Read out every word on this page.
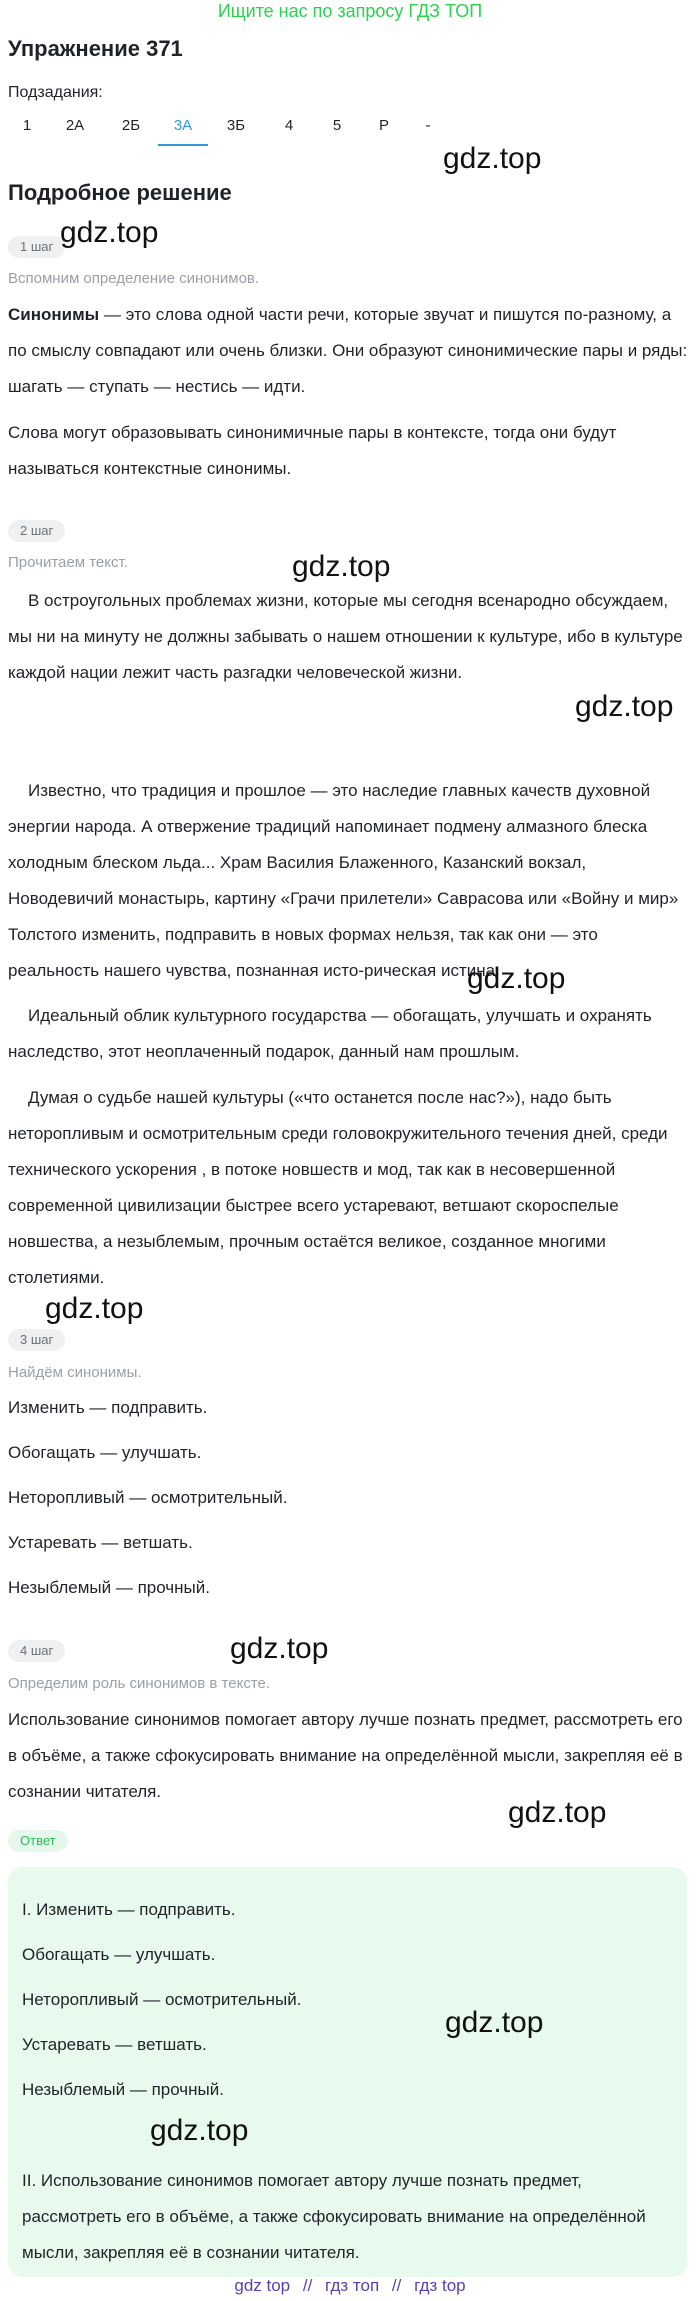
Ищите нас по запросу ГДЗ ТОП
Упражнение 371
Подзадания:
1	2А	2Б	3А	3Б	4	5	Р	-
gdz.top
Подробное решение
1 шаг gdz.top
Вспомним определение синонимов.

Синонимы — это слова одной части речи, которые звучат и пишутся по-разному, а по смыслу совпадают или очень близки. Они образуют синонимические пары и ряды: шагать — ступать — нестись — идти.

Слова могут образовывать синонимичные пары в контексте, тогда они будут называться контекстные синонимы.

2 шаг
Прочитаем текст.	gdz.top

В остроугольных проблемах жизни, которые мы сегодня всенародно обсуждаем, мы ни на минуту не должны забывать о нашем отношении к культуре, ибо в культуре каждой нации лежит часть разгадки человеческой жизни.

gdz.top

Известно, что традиция и прошлое — это наследие главных качеств духовной энергии народа. А отвержение традиций напоминает подмену алмазного блеска холодным блеском льда... Храм Василия Блаженного, Казанский вокзал, Новодевичий монастырь, картину «Грачи прилетели» Саврасова или «Войну и мир» Толстого изменить, подправить в новых формах нельзя, так как они — это реальность нашего чувства, познанная исто-рическая истина.

gdz.top

Идеальный облик культурного государства — обогащать, улучшать и охранять наследство, этот неоплаченный подарок, данный нам прошлым.

Думая о судьбе нашей культуры («что останется после нас?»), надо быть неторопливым и осмотрительным среди головокружительного течения дней, среди технического ускорения , в потоке новшеств и мод, так как в несовершенной современной цивилизации быстрее всего устаревают, ветшают скороспелые новшества, а незыблемым, прочным остаётся великое, созданное многими столетиями.

gdz.top
3 шаг
Найдём синонимы.
Изменить — подправить.
Обогащать — улучшать.
Неторопливый — осмотрительный.
Устаревать — ветшать.
Незыблемый — прочный.
4 шаг	gdz.top
Определим роль синонимов в тексте.

Использование синонимов помогает автору лучше познать предмет, рассмотреть его в объёме, а также сфокусировать внимание на определённой мысли, закрепляя её в сознании читателя.

gdz.top
Ответ
I. Изменить — подправить.
Обогащать — улучшать.
Неторопливый — осмотрительный.
gdz.top
Устаревать — ветшать.
Незыблемый — прочный.
gdz.top

II. Использование синонимов помогает автору лучше познать предмет, рассмотреть его в объёме, а также сфокусировать внимание на определённой мысли, закрепляя её в сознании читателя.

gdz top // гдз топ // гдз top
